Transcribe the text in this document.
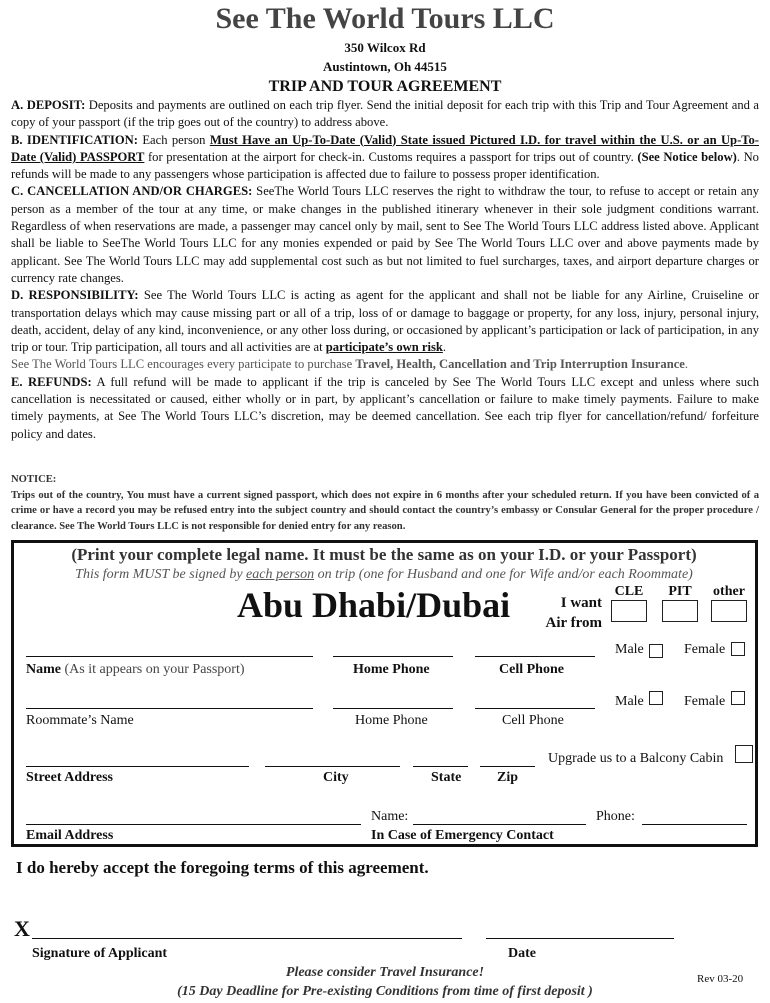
See The World Tours LLC
350 Wilcox Rd
Austintown, Oh 44515
TRIP AND TOUR AGREEMENT

A. DEPOSIT: Deposits and payments are outlined on each trip flyer. Send the initial deposit for each trip with this Trip and Tour Agreement and a copy of your passport (if the trip goes out of the country) to address above.

B. IDENTIFICATION: Each person Must Have an Up-To-Date (Valid) State issued Pictured I.D. for travel within the U.S. or an Up-To-Date (Valid) PASSPORT for presentation at the airport for check-in. Customs requires a passport for trips out of country. (See Notice below). No refunds will be made to any passengers whose participation is affected due to failure to possess proper identification.

C. CANCELLATION AND/OR CHARGES: SeeThe World Tours LLC reserves the right to withdraw the tour, to refuse to accept or retain any person as a member of the tour at any time, or make changes in the published itinerary whenever in their sole judgment conditions warrant. Regardless of when reservations are made, a passenger may cancel only by mail, sent to See The World Tours LLC address listed above. Applicant shall be liable to SeeThe World Tours LLC for any monies expended or paid by See The World Tours LLC over and above payments made by applicant. See The World Tours LLC may add supplemental cost such as but not limited to fuel surcharges, taxes, and airport departure charges or currency rate changes.

D. RESPONSIBILITY: See The World Tours LLC is acting as agent for the applicant and shall not be liable for any Airline, Cruiseline or transportation delays which may cause missing part or all of a trip, loss of or damage to baggage or property, for any loss, injury, personal injury, death, accident, delay of any kind, inconvenience, or any other loss during, or occasioned by applicant’s participation or lack of participation, in any trip or tour. Trip participation, all tours and all activities are at participate’s own risk.

See The World Tours LLC encourages every participate to purchase Travel, Health, Cancellation and Trip Interruption Insurance.

E. REFUNDS: A full refund will be made to applicant if the trip is canceled by See The World Tours LLC except and unless where such cancellation is necessitated or caused, either wholly or in part, by applicant’s cancellation or failure to make timely payments. Failure to make timely payments, at See The World Tours LLC’s discretion, may be deemed cancellation. See each trip flyer for cancellation/refund/ forfeiture policy and dates.

NOTICE:

Trips out of the country, You must have a current signed passport, which does not expire in 6 months after your scheduled return. If you have been convicted of a crime or have a record you may be refused entry into the subject country and should contact the country’s embassy or Consular General for the proper procedure / clearance. See The World Tours LLC is not responsible for denied entry for any reason.

(Print your complete legal name. It must be the same as on your I.D. or your Passport)
This form MUST be signed by each person on trip (one for Husband and one for Wife and/or each Roommate)
Abu Dhabi/Dubai	I want
Air from
CLE	PIT	other
Male	Female
Name (As it appears on your Passport)	Home Phone	Cell Phone
Male	Female
Roommate’s Name	Home Phone	Cell Phone
Upgrade us to a Balcony Cabin
Street Address	City	State	Zip
Name:	Phone:
Email Address	In Case of Emergency Contact
I do hereby accept the foregoing terms of this agreement.
X
Signature of Applicant	Date
Please consider Travel Insurance!
(15 Day Deadline for Pre-existing Conditions from time of first deposit )
Rev 03-20
